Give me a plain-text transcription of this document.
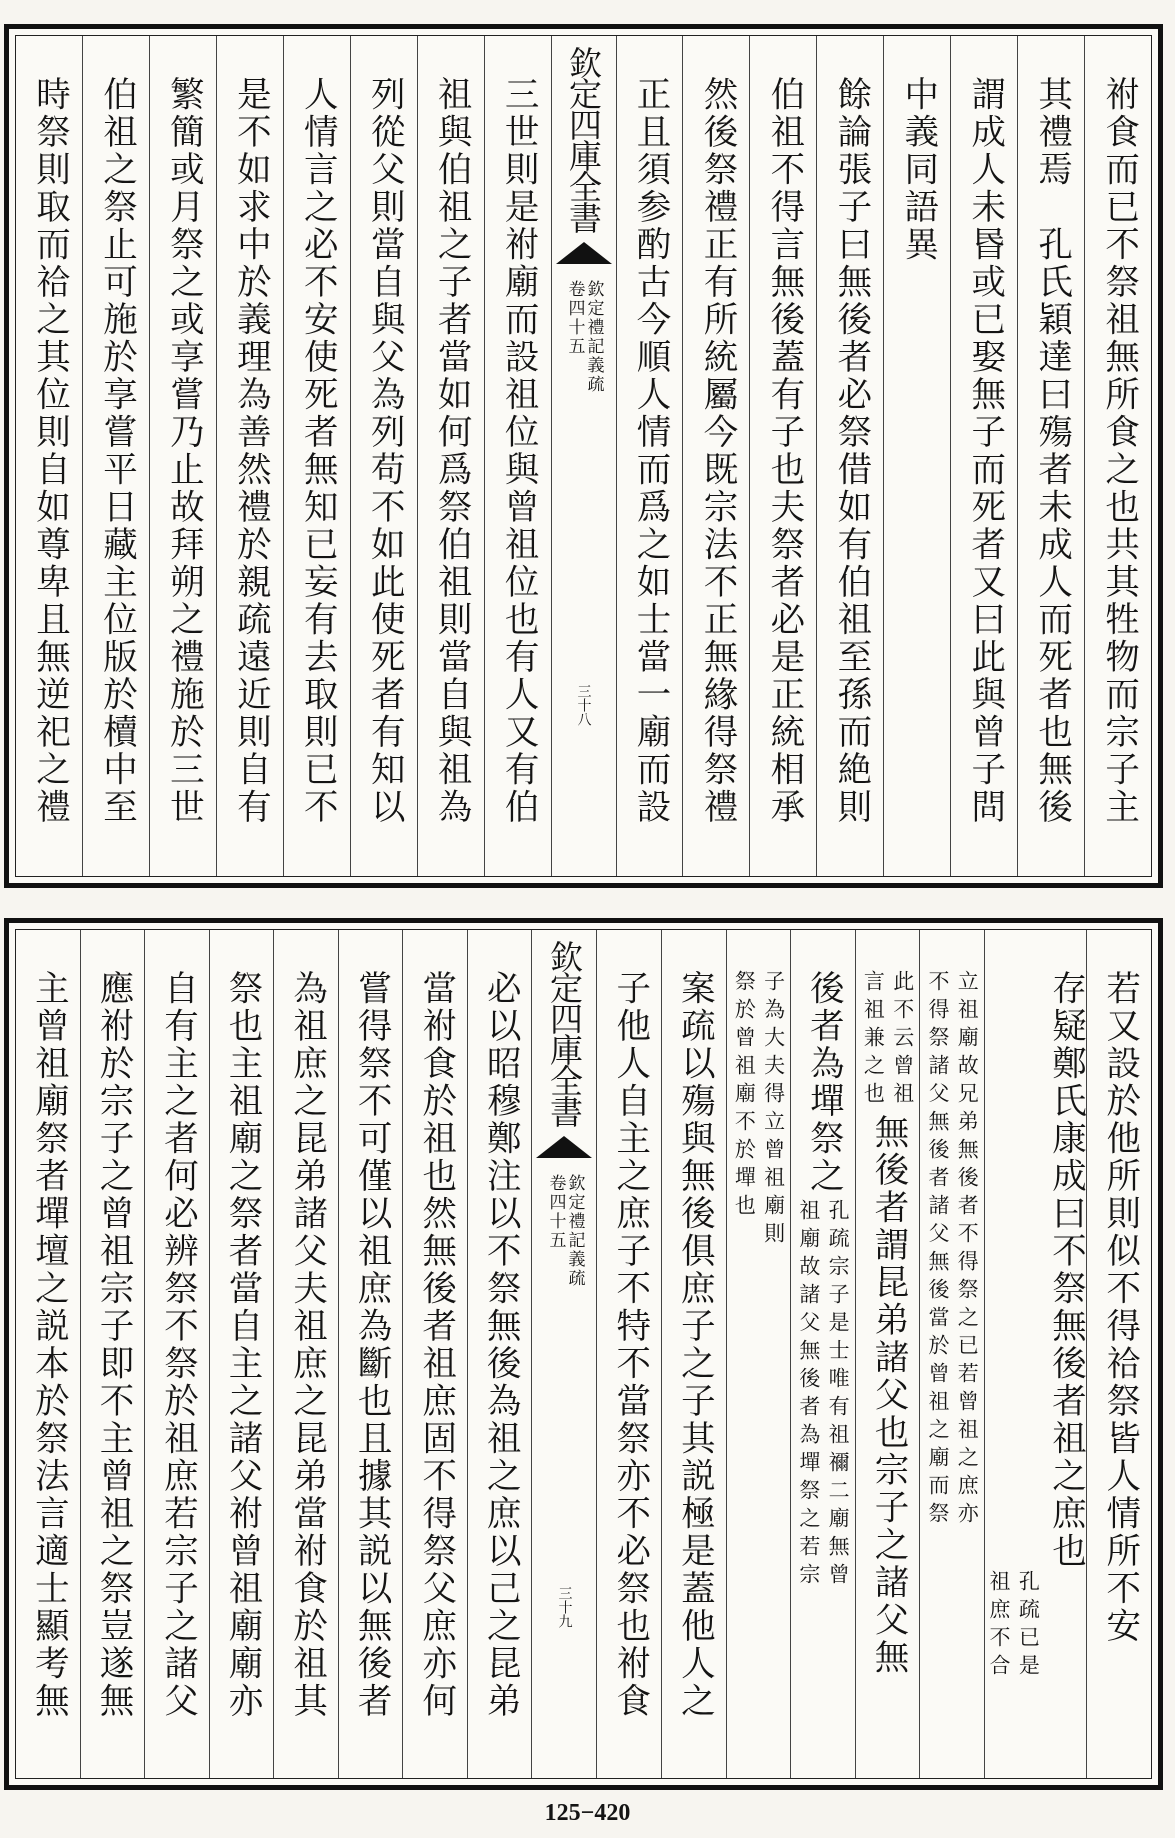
祔食而已不祭祖無所食之也共其牲物而宗子主
其禮焉　孔氏穎達曰殤者未成人而死者也無後
謂成人未昬或已娶無子而死者又曰此與曾子問
中義同語異
餘論張子曰無後者必祭借如有伯祖至孫而絶則
伯祖不得言無後蓋有子也夫祭者必是正統相承
然後祭禮正有所統屬今既宗法不正無緣得祭禮
正且須参酌古今順人情而爲之如士當一廟而設
欽定四庫全書
欽定禮記義疏
卷四十五
三十八
三世則是祔廟而設祖位與曾祖位也有人又有伯
祖與伯祖之子者當如何爲祭伯祖則當自與祖為
列從父則當自與父為列苟不如此使死者有知以
人情言之必不安使死者無知已妄有去取則已不
是不如求中於義理為善然禮於親疏遠近則自有
繁簡或月祭之或享嘗乃止故拜朔之禮施於三世
伯祖之祭止可施於享嘗平日藏主位版於櫝中至
時祭則取而祫之其位則自如尊卑且無逆祀之禮
若又設於他所則似不得祫祭皆人情所不安
存疑鄭氏康成曰不祭無後者祖之庶也
孔疏已是
祖庶不合
立祖廟故兄弟無後者不得祭之已若曾祖之庶亦
不得祭諸父無後者諸父無後當於曾祖之廟而祭
此不云曾祖
言祖兼之也
無後者謂昆弟諸父也宗子之諸父無
後者為墠祭之
孔疏宗子是士唯有祖禰二廟無曾
祖廟故諸父無後者為墠祭之若宗
子為大夫得立曾祖廟則
祭於曾祖廟不於墠也
案疏以殤與無後俱庶子之子其説極是蓋他人之
子他人自主之庶子不特不當祭亦不必祭也祔食
欽定四庫全書
欽定禮記義疏
卷四十五
三十九
必以昭穆鄭注以不祭無後為祖之庶以己之昆弟
當祔食於祖也然無後者祖庶固不得祭父庶亦何
嘗得祭不可僅以祖庶為斷也且據其説以無後者
為祖庶之昆弟諸父夫祖庶之昆弟當祔食於祖其
祭也主祖廟之祭者當自主之諸父祔曾祖廟廟亦
自有主之者何必辨祭不祭於祖庶若宗子之諸父
應祔於宗子之曾祖宗子即不主曾祖之祭豈遂無
主曾祖廟祭者墠壇之説本於祭法言適士顯考無
125−420
